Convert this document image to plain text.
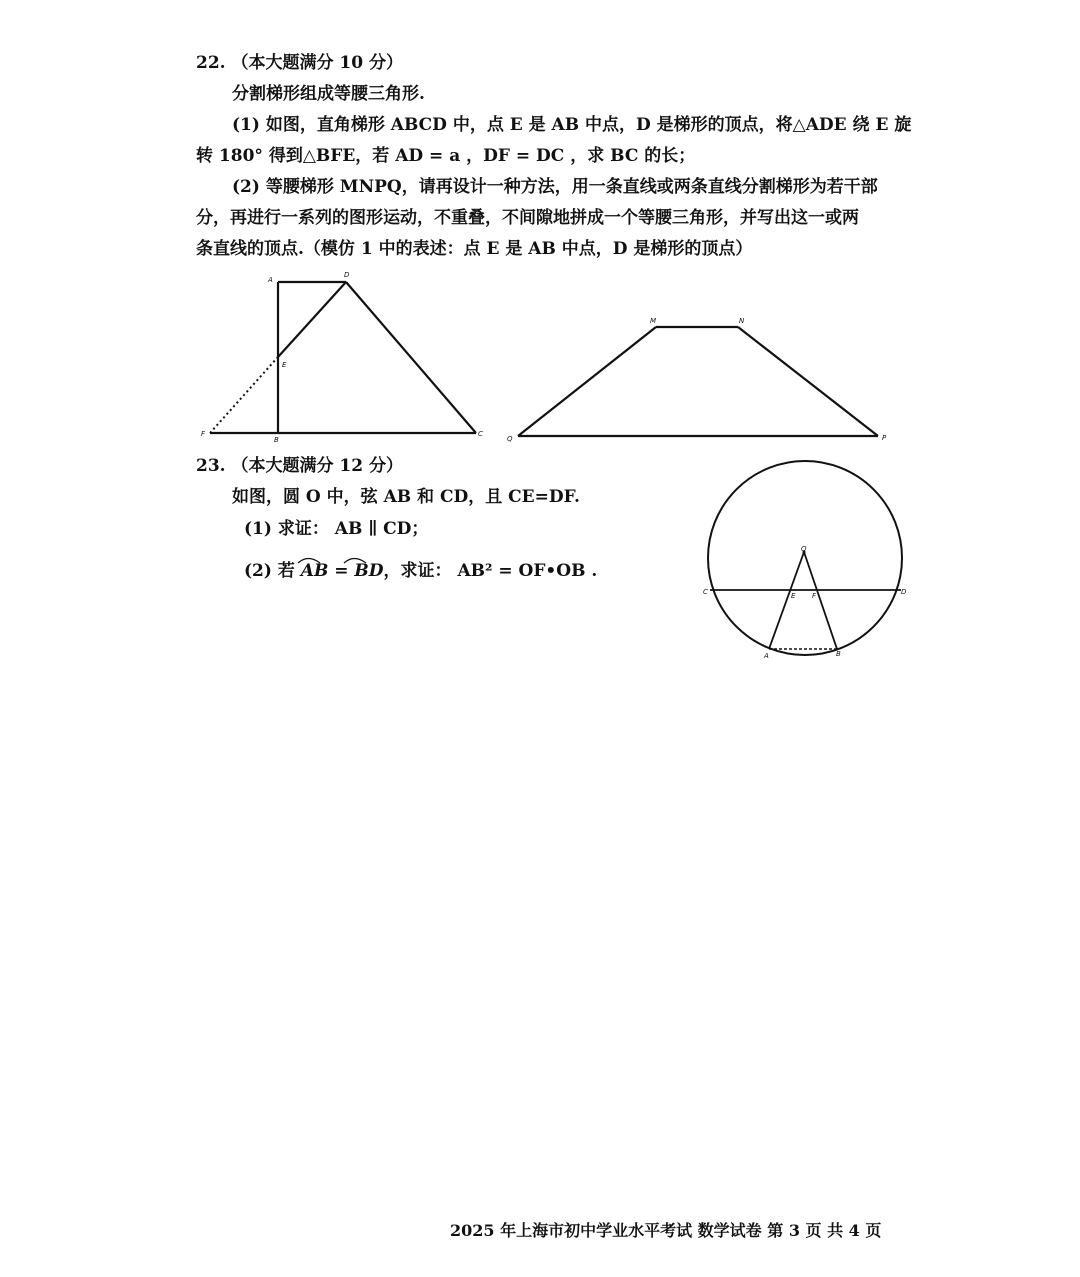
22. （本大题满分 10 分）
分割梯形组成等腰三角形.
(1) 如图，直角梯形 ABCD 中，点 E 是 AB 中点，D 是梯形的顶点，将△ADE 绕 E 旋
转 180° 得到△BFE，若 AD = a ，DF = DC ，求 BC 的长；
(2) 等腰梯形 MNPQ，请再设计一种方法，用一条直线或两条直线分割梯形为若干部
分，再进行一系列的图形运动，不重叠，不间隙地拼成一个等腰三角形，并写出这一或两
条直线的顶点.（模仿 1 中的表述：点 E 是 AB 中点，D 是梯形的顶点）
A
D
E
F
B
C
M	N
Q	P
23. （本大题满分 12 分）
如图，圆 O 中，弦 AB 和 CD，且 CE=DF.
(1) 求证： AB ∥ CD；
(2) 若 AB = BD，求证： AB² = OF•OB .
O
C	E F	D
A	B
2025 年上海市初中学业水平考试 数学试卷 第 3 页 共 4 页
